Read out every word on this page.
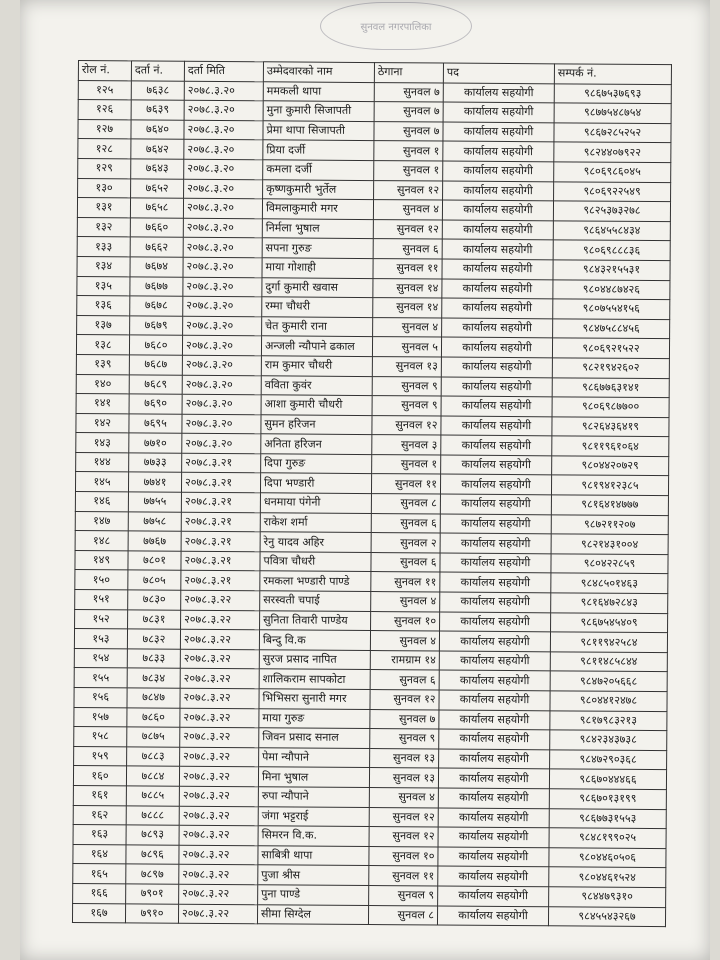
सुनवल नगरपालिका
रोल नं.	दर्ता नं.	दर्ता मिति	उम्मेदवारको नाम	ठेगाना	पद	सम्पर्क नं.
१२५	७६३८	२०७८.३.२०	ममकली थापा	सुनवल ७	कार्यालय सहयोगी	९८६७५३७६९३
१२६	७६३९	२०७८.३.२०	मुना कुमारी सिजापती	सुनवल ७	कार्यालय सहयोगी	९८७७५४८७५४
१२७	७६४०	२०७८.३.२०	प्रेमा थापा सिजापती	सुनवल ७	कार्यालय सहयोगी	९८६७२८५२५२
१२८	७६४२	२०७८.३.२०	प्रिया दर्जी	सुनवल १	कार्यालय सहयोगी	९८२४४०७९२२
१२९	७६४३	२०७८.३.२०	कमला दर्जी	सुनवल १	कार्यालय सहयोगी	९८०६९८६०४५
१३०	७६५२	२०७८.३.२०	कृष्णकुमारी भुर्तेल	सुनवल १२	कार्यालय सहयोगी	९८०६९२२५४९
१३१	७६५८	२०७८.३.२०	विमलाकुमारी मगर	सुनवल ४	कार्यालय सहयोगी	९८२५३७३२७८
१३२	७६६०	२०७८.३.२०	निर्मला भुषाल	सुनवल १२	कार्यालय सहयोगी	९८६४५५८४३४
१३३	७६६२	२०७८.३.२०	सपना गुरुङ	सुनवल ६	कार्यालय सहयोगी	९८०६९८८८३६
१३४	७६७४	२०७८.३.२०	माया गोशाही	सुनवल ११	कार्यालय सहयोगी	९८४३२१५५३१
१३५	७६७७	२०७८.३.२०	दुर्गा कुमारी खवास	सुनवल १४	कार्यालय सहयोगी	९८०४४८७४२६
१३६	७६७८	२०७८.३.२०	रम्मा चौधरी	सुनवल १४	कार्यालय सहयोगी	९८०७५५४१५६
१३७	७६७९	२०७८.३.२०	चेत कुमारी राना	सुनवल ४	कार्यालय सहयोगी	९८४७५८८४५६
१३८	७६८०	२०७८.३.२०	अन्जली न्यौपाने ढकाल	सुनवल ५	कार्यालय सहयोगी	९८०६९२१५२२
१३९	७६८७	२०७८.३.२०	राम कुमार चौधरी	सुनवल १३	कार्यालय सहयोगी	९८२१९४२६०२
१४०	७६८९	२०७८.३.२०	वविता कुवंर	सुनवल ९	कार्यालय सहयोगी	९८६७७६३१४१
१४१	७६९०	२०७८.३.२०	आशा कुमारी चौधरी	सुनवल ९	कार्यालय सहयोगी	९८०६९८७७००
१४२	७६९५	२०७८.३.२०	सुमन हरिजन	सुनवल १२	कार्यालय सहयोगी	९८२६४३६४१९
१४३	७७१०	२०७८.३.२०	अनिता हरिजन	सुनवल ३	कार्यालय सहयोगी	९८११९६१०६४
१४४	७७३३	२०७८.३.२१	दिपा गुरुङ	सुनवल १	कार्यालय सहयोगी	९८०४४२०७२९
१४५	७७४१	२०७८.३.२१	दिपा भण्डारी	सुनवल ११	कार्यालय सहयोगी	९८१९४१२३८५
१४६	७७५५	२०७८.३.२१	धनमाया पंगेनी	सुनवल ८	कार्यालय सहयोगी	९८१६४१४७७७
१४७	७७५८	२०७८.३.२१	राकेश शर्मा	सुनवल ६	कार्यालय सहयोगी	९८७२११२०७
१४८	७७६७	२०७८.३.२१	रेनु यादव अहिर	सुनवल २	कार्यालय सहयोगी	९८२१४३१००४
१४९	७८०१	२०७८.३.२१	पवित्रा चौधरी	सुनवल ६	कार्यालय सहयोगी	९८०४२२८५९
१५०	७८०५	२०७८.३.२१	रमकला भण्डारी पाण्डे	सुनवल ११	कार्यालय सहयोगी	९८४८५०१४६३
१५१	७८३०	२०७८.३.२२	सरस्वती चपाई	सुनवल ४	कार्यालय सहयोगी	९८१६४७२८४३
१५२	७८३१	२०७८.३.२२	सुनिता तिवारी पाण्डेय	सुनवल १०	कार्यालय सहयोगी	९८६७५४५४०९
१५३	७८३२	२०७८.३.२२	बिन्दु वि.क	सुनवल ४	कार्यालय सहयोगी	९८११९४२५८४
१५४	७८३३	२०७८.३.२२	सुरज प्रसाद नापित	रामग्राम १४	कार्यालय सहयोगी	९८११४८५८४४
१५५	७८३४	२०७८.३.२२	शालिकराम सापकोटा	सुनवल ६	कार्यालय सहयोगी	९८४७२०५६६८
१५६	७८४७	२०७८.३.२२	भिभिसरा सुनारी मगर	सुनवल १२	कार्यालय सहयोगी	९८०४४१२४७८
१५७	७८६०	२०७८.३.२२	माया गुरुङ	सुनवल ७	कार्यालय सहयोगी	९८१७९८३२१३
१५८	७८७५	२०७८.३.२२	जिवन प्रसाद सनाल	सुनवल ९	कार्यालय सहयोगी	९८४२३४३७३८
१५९	७८८३	२०७८.३.२२	पेमा न्यौपाने	सुनवल १३	कार्यालय सहयोगी	९८४७२९०३६८
१६०	७८८४	२०७८.३.२२	मिना भुषाल	सुनवल १३	कार्यालय सहयोगी	९८६७०४४४६६
१६१	७८८५	२०७८.३.२२	रुपा न्यौपाने	सुनवल ४	कार्यालय सहयोगी	९८६७०१३१९९
१६२	७८८८	२०७८.३.२२	जंगा भट्टराई	सुनवल १२	कार्यालय सहयोगी	९८६७७३१५५३
१६३	७८९३	२०७८.३.२२	सिमरन वि.क.	सुनवल १२	कार्यालय सहयोगी	९८४८१९९०२५
१६४	७८९६	२०७८.३.२२	साबित्री थापा	सुनवल १०	कार्यालय सहयोगी	९८०४४६०५०६
१६५	७८९७	२०७८.३.२२	पुजा श्रीस	सुनवल ११	कार्यालय सहयोगी	९८०४४६१५२४
१६६	७९०१	२०७८.३.२२	पुना पाण्डे	सुनवल ९	कार्यालय सहयोगी	९८४४७९३१०
१६७	७९१०	२०७८.३.२२	सीमा सिग्देल	सुनवल ८	कार्यालय सहयोगी	९८४५५४३२६७
